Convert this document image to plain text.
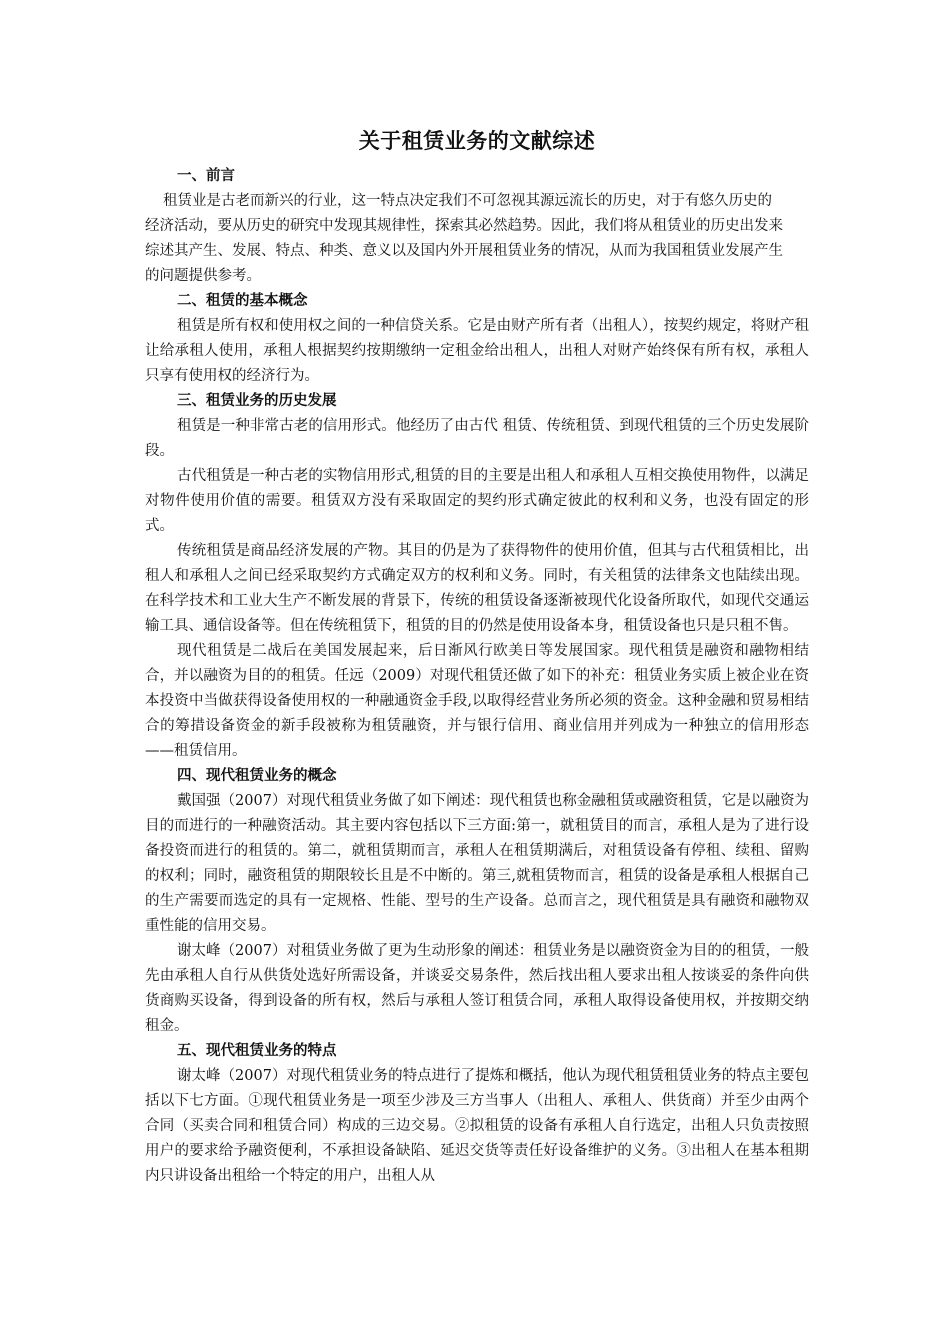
关于租赁业务的文献综述
一、前言

租赁业是古老而新兴的行业，这一特点决定我们不可忽视其源远流长的历史，对于有悠久历史的经济活动，要从历史的研究中发现其规律性，探索其必然趋势。因此，我们将从租赁业的历史出发来综述其产生、发展、特点、种类、意义以及国内外开展租赁业务的情况，从而为我国租赁业发展产生的问题提供参考。

二、租赁的基本概念

租赁是所有权和使用权之间的一种信贷关系。它是由财产所有者（出租人），按契约规定，将财产租让给承租人使用，承租人根据契约按期缴纳一定租金给出租人，出租人对财产始终保有所有权，承租人只享有使用权的经济行为。

三、租赁业务的历史发展

租赁是一种非常古老的信用形式。他经历了由古代 租赁、传统租赁、到现代租赁的三个历史发展阶段。

古代租赁是一种古老的实物信用形式,租赁的目的主要是出租人和承租人互相交换使用物件，以满足对物件使用价值的需要。租赁双方没有采取固定的契约形式确定彼此的权利和义务，也没有固定的形式。

传统租赁是商品经济发展的产物。其目的仍是为了获得物件的使用价值，但其与古代租赁相比，出租人和承租人之间已经采取契约方式确定双方的权利和义务。同时，有关租赁的法律条文也陆续出现。在科学技术和工业大生产不断发展的背景下，传统的租赁设备逐渐被现代化设备所取代，如现代交通运输工具、通信设备等。但在传统租赁下，租赁的目的仍然是使用设备本身，租赁设备也只是只租不售。

现代租赁是二战后在美国发展起来，后日渐风行欧美日等发展国家。现代租赁是融资和融物相结合，并以融资为目的的租赁。任远（2009）对现代租赁还做了如下的补充：租赁业务实质上被企业在资本投资中当做获得设备使用权的一种融通资金手段,以取得经营业务所必须的资金。这种金融和贸易相结合的筹措设备资金的新手段被称为租赁融资，并与银行信用、商业信用并列成为一种独立的信用形态——租赁信用。

四、现代租赁业务的概念

戴国强（2007）对现代租赁业务做了如下阐述：现代租赁也称金融租赁或融资租赁，它是以融资为目的而进行的一种融资活动。其主要内容包括以下三方面:第一，就租赁目的而言，承租人是为了进行设备投资而进行的租赁的。第二，就租赁期而言，承租人在租赁期满后，对租赁设备有停租、续租、留购的权利；同时，融资租赁的期限较长且是不中断的。第三,就租赁物而言，租赁的设备是承租人根据自己的生产需要而选定的具有一定规格、性能、型号的生产设备。总而言之，现代租赁是具有融资和融物双重性能的信用交易。

谢太峰（2007）对租赁业务做了更为生动形象的阐述：租赁业务是以融资资金为目的的租赁，一般先由承租人自行从供货处选好所需设备，并谈妥交易条件，然后找出租人要求出租人按谈妥的条件向供货商购买设备，得到设备的所有权，然后与承租人签订租赁合同，承租人取得设备使用权，并按期交纳租金。

五、现代租赁业务的特点

谢太峰（2007）对现代租赁业务的特点进行了提炼和概括，他认为现代租赁租赁业务的特点主要包括以下七方面。①现代租赁业务是一项至少涉及三方当事人（出租人、承租人、供货商）并至少由两个合同（买卖合同和租赁合同）构成的三边交易。②拟租赁的设备有承租人自行选定，出租人只负责按照用户的要求给予融资便利，不承担设备缺陷、延迟交货等责任好设备维护的义务。③出租人在基本租期内只讲设备出租给一个特定的用户，出租人从
